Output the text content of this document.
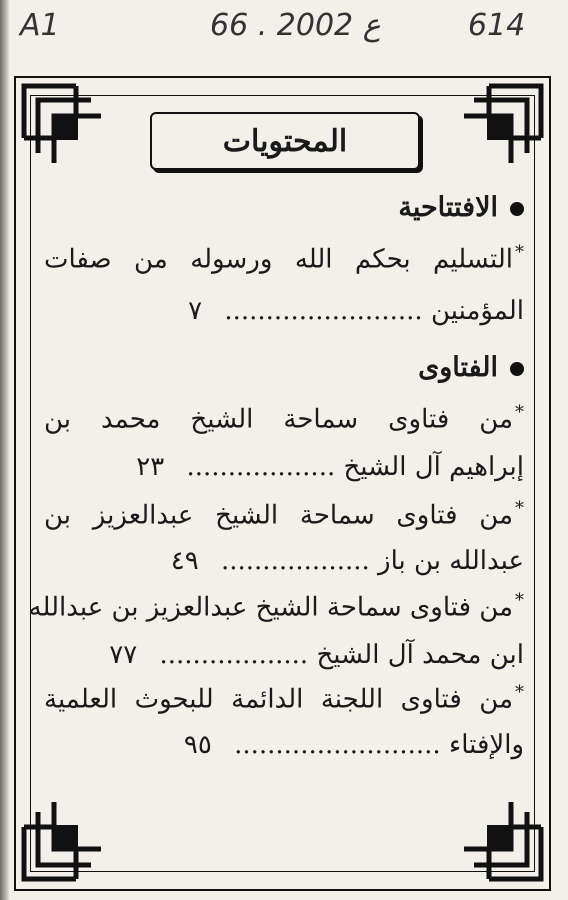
A1	66 . ع 2002	614
المحتويات
الافتتاحية
*التسليم بحكم الله ورسوله من صفات
المؤمنين ........................ ٧
الفتاوى
*من فتاوى سماحة الشيخ محمد بن
إبراهيم آل الشيخ .................. ٢٣
*من فتاوى سماحة الشيخ عبدالعزيز بن
عبدالله بن باز .................. ٤٩
*من فتاوى سماحة الشيخ عبدالعزيز بن عبدالله
ابن محمد آل الشيخ .................. ٧٧
*من فتاوى اللجنة الدائمة للبحوث العلمية
والإفتاء ......................... ٩٥
